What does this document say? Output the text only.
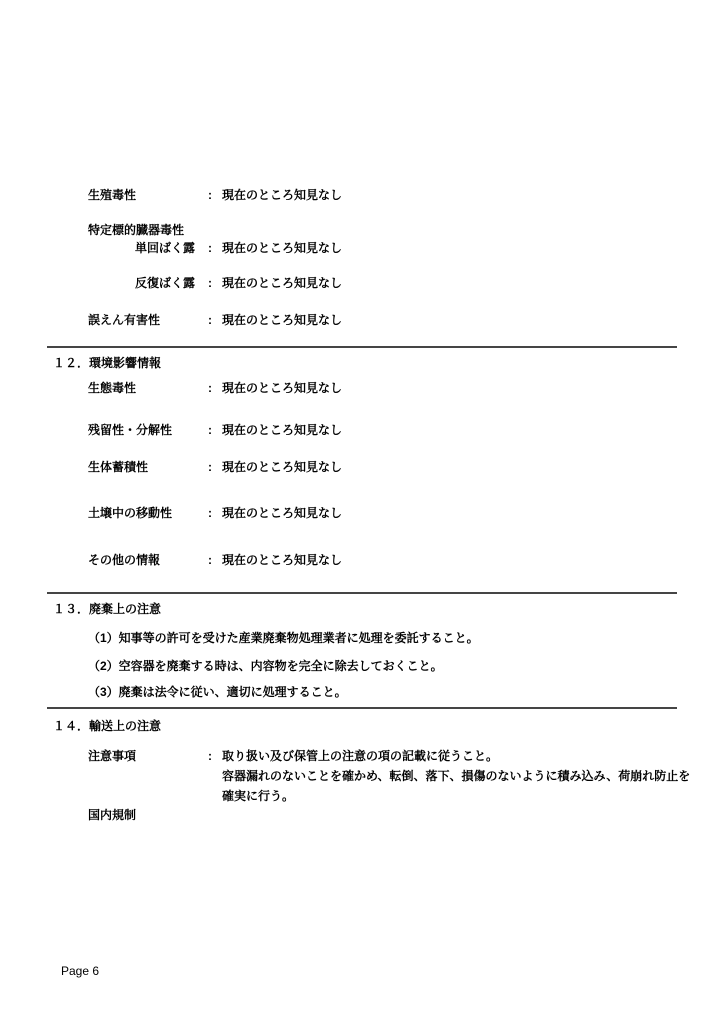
生殖毒性	: 現在のところ知見なし
特定標的臓器毒性
単回ばく露 : 現在のところ知見なし
反復ばく露 : 現在のところ知見なし
誤えん有害性	: 現在のところ知見なし
１２．環境影響情報
生態毒性	: 現在のところ知見なし
残留性・分解性	: 現在のところ知見なし
生体蓄積性	: 現在のところ知見なし
土壌中の移動性	: 現在のところ知見なし
その他の情報	: 現在のところ知見なし
１３．廃棄上の注意
（1）知事等の許可を受けた産業廃棄物処理業者に処理を委託すること。
（2）空容器を廃棄する時は、内容物を完全に除去しておくこと。
（3）廃棄は法令に従い、適切に処理すること。
１４．輸送上の注意
注意事項	: 取り扱い及び保管上の注意の項の記載に従うこと。
容器漏れのないことを確かめ、転倒、落下、損傷のないように積み込み、荷崩れ防止を
確実に行う。
国内規制
Page 6
